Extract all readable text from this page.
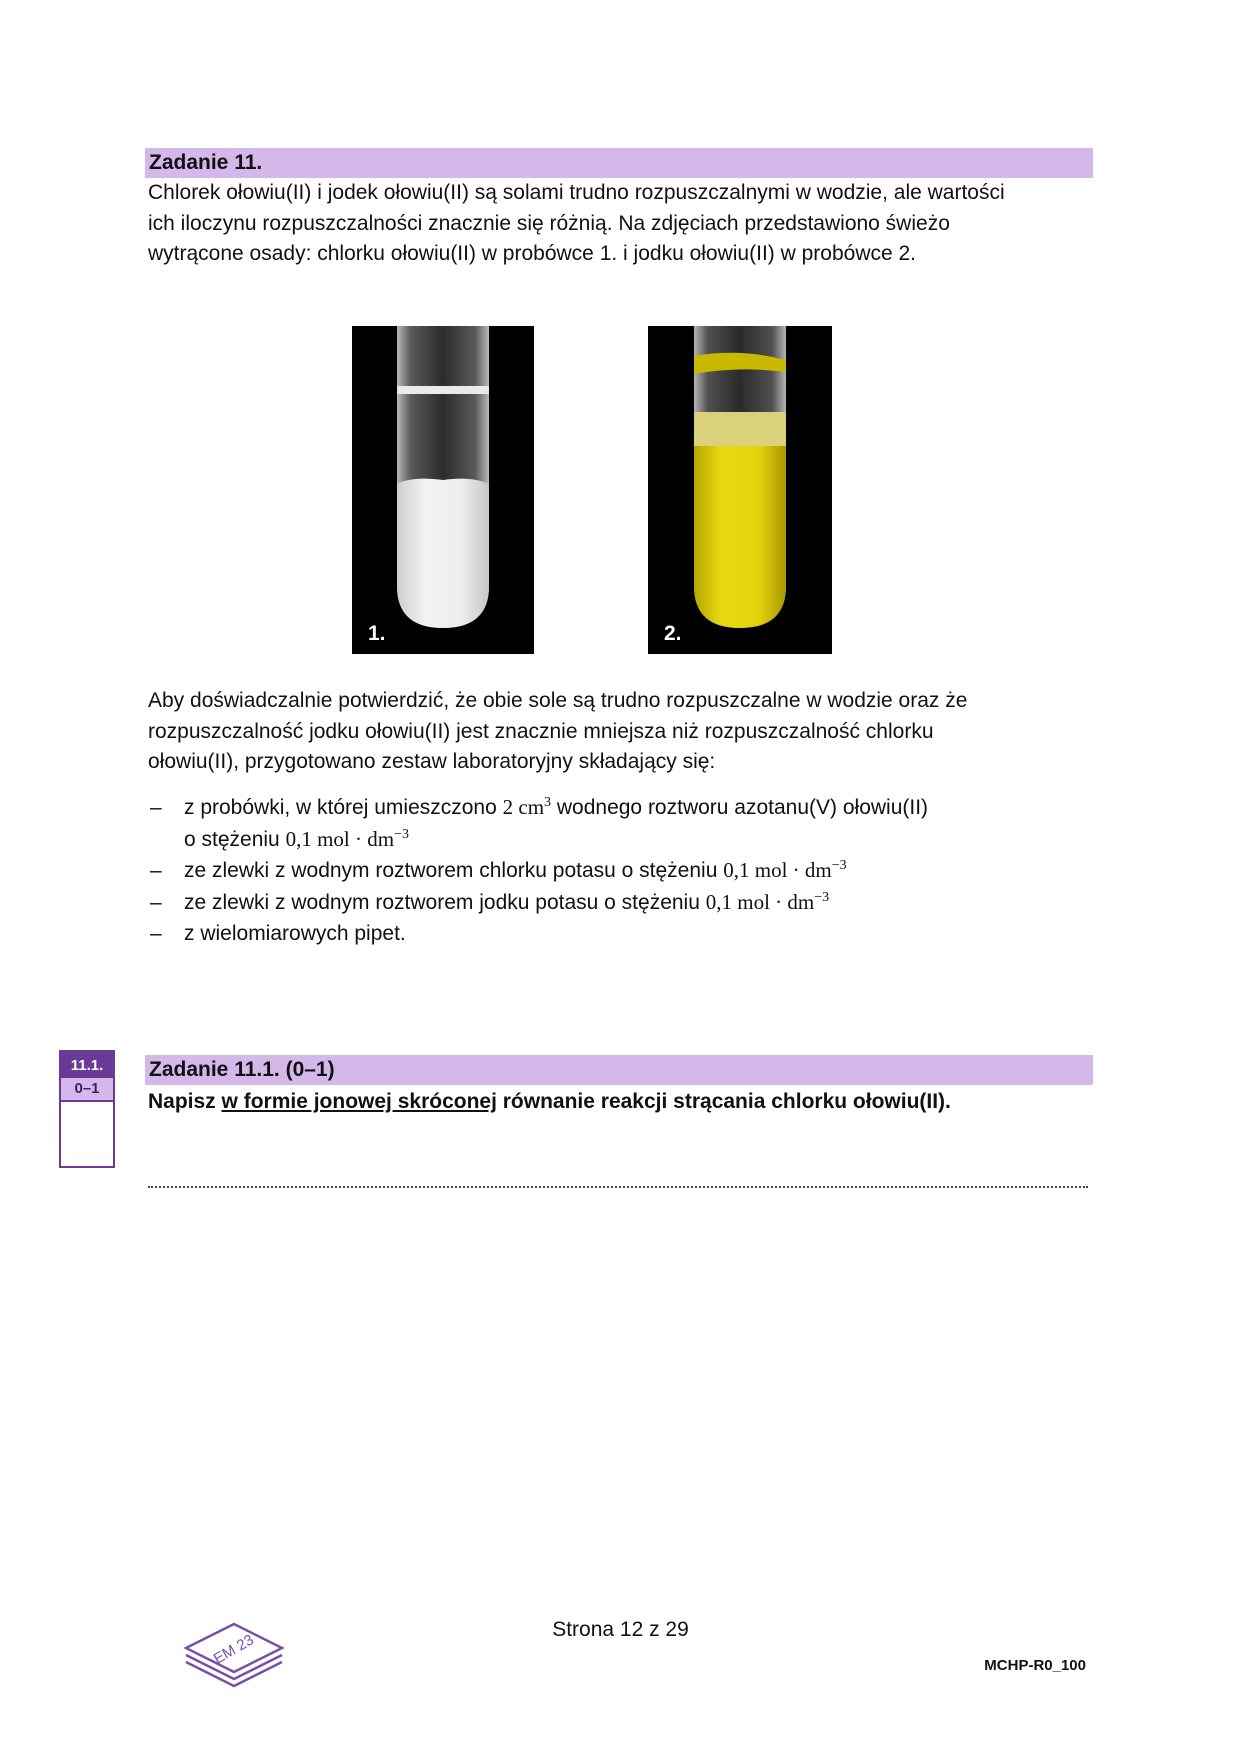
Zadanie 11.

Chlorek ołowiu(II) i jodek ołowiu(II) są solami trudno rozpuszczalnymi w wodzie, ale wartości
ich iloczynu rozpuszczalności znacznie się różnią. Na zdjęciach przedstawiono świeżo
wytrącone osady: chlorku ołowiu(II) w probówce 1. i jodku ołowiu(II) w probówce 2.

1.	2.

Aby doświadczalnie potwierdzić, że obie sole są trudno rozpuszczalne w wodzie oraz że
rozpuszczalność jodku ołowiu(II) jest znacznie mniejsza niż rozpuszczalność chlorku
ołowiu(II), przygotowano zestaw laboratoryjny składający się:

– z probówki, w której umieszczono 2 $cm^3$ wodnego roztworu azotanu(V) ołowiu(II)
o stężeniu 0,1 mol · $dm^{-3}$
– ze zlewki z wodnym roztworem chlorku potasu o stężeniu 0,1 mol · $dm^{-3}$
– ze zlewki z wodnym roztworem jodku potasu o stężeniu 0,1 mol · $dm^{-3}$
– z wielomiarowych pipet.
11.1.
0–1
Zadanie 11.1. (0–1)

Napisz w formie jonowej skróconej równanie reakcji strącania chlorku ołowiu(II).

EM 23
Strona 12 z 29
MCHP-R0_100
